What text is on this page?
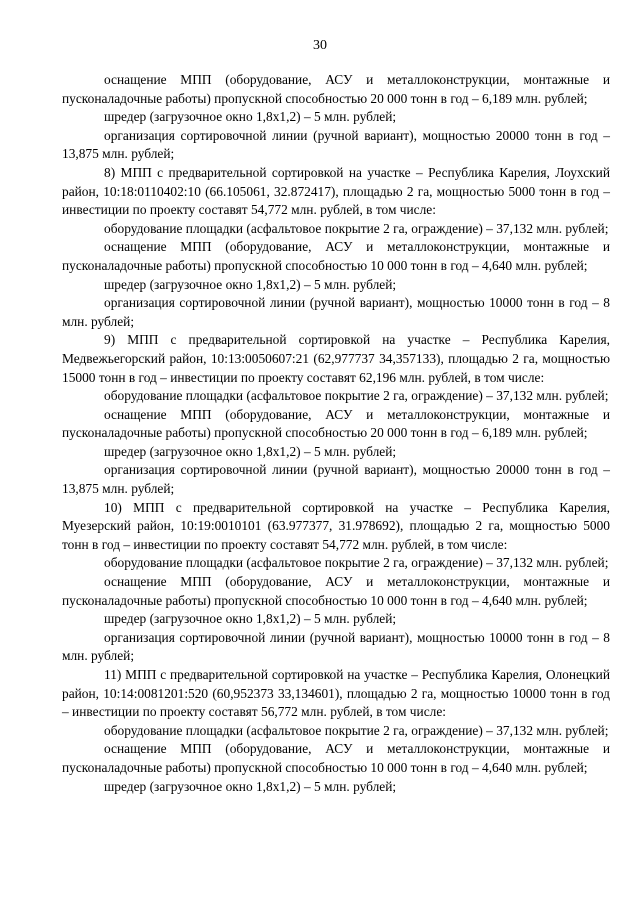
30

оснащение МПП (оборудование, АСУ и металлоконструкции, монтажные и пусконаладочные работы) пропускной способностью 20 000 тонн в год – 6,189 млн. рублей;

шредер (загрузочное окно 1,8х1,2) – 5 млн. рублей;

организация сортировочной линии (ручной вариант), мощностью 20000 тонн в год – 13,875 млн. рублей;

8) МПП с предварительной сортировкой на участке – Республика Карелия, Лоухский район, 10:18:0110402:10 (66.105061, 32.872417), площадью 2 га, мощностью 5000 тонн в год – инвестиции по проекту составят 54,772 млн. рублей, в том числе:

оборудование площадки (асфальтовое покрытие 2 га, ограждение) – 37,132 млн. рублей;

оснащение МПП (оборудование, АСУ и металлоконструкции, монтажные и пусконаладочные работы) пропускной способностью 10 000 тонн в год – 4,640 млн. рублей;

шредер (загрузочное окно 1,8х1,2) – 5 млн. рублей;

организация сортировочной линии (ручной вариант), мощностью 10000 тонн в год – 8 млн. рублей;

9) МПП с предварительной сортировкой на участке – Республика Карелия, Медвежьегорский район, 10:13:0050607:21 (62,977737 34,357133), площадью 2 га, мощностью 15000 тонн в год – инвестиции по проекту составят 62,196 млн. рублей, в том числе:

оборудование площадки (асфальтовое покрытие 2 га, ограждение) – 37,132 млн. рублей;

оснащение МПП (оборудование, АСУ и металлоконструкции, монтажные и пусконаладочные работы) пропускной способностью 20 000 тонн в год – 6,189 млн. рублей;

шредер (загрузочное окно 1,8х1,2) – 5 млн. рублей;

организация сортировочной линии (ручной вариант), мощностью 20000 тонн в год – 13,875 млн. рублей;

10) МПП с предварительной сортировкой на участке – Республика Карелия, Муезерский район, 10:19:0010101 (63.977377, 31.978692), площадью 2 га, мощностью 5000 тонн в год – инвестиции по проекту составят 54,772 млн. рублей, в том числе:

оборудование площадки (асфальтовое покрытие 2 га, ограждение) – 37,132 млн. рублей;

оснащение МПП (оборудование, АСУ и металлоконструкции, монтажные и пусконаладочные работы) пропускной способностью 10 000 тонн в год – 4,640 млн. рублей;

шредер (загрузочное окно 1,8х1,2) – 5 млн. рублей;

организация сортировочной линии (ручной вариант), мощностью 10000 тонн в год – 8 млн. рублей;

11) МПП с предварительной сортировкой на участке – Республика Карелия, Олонецкий район, 10:14:0081201:520 (60,952373 33,134601), площадью 2 га, мощностью 10000 тонн в год – инвестиции по проекту составят 56,772 млн. рублей, в том числе:

оборудование площадки (асфальтовое покрытие 2 га, ограждение) – 37,132 млн. рублей;

оснащение МПП (оборудование, АСУ и металлоконструкции, монтажные и пусконаладочные работы) пропускной способностью 10 000 тонн в год – 4,640 млн. рублей;

шредер (загрузочное окно 1,8х1,2) – 5 млн. рублей;
